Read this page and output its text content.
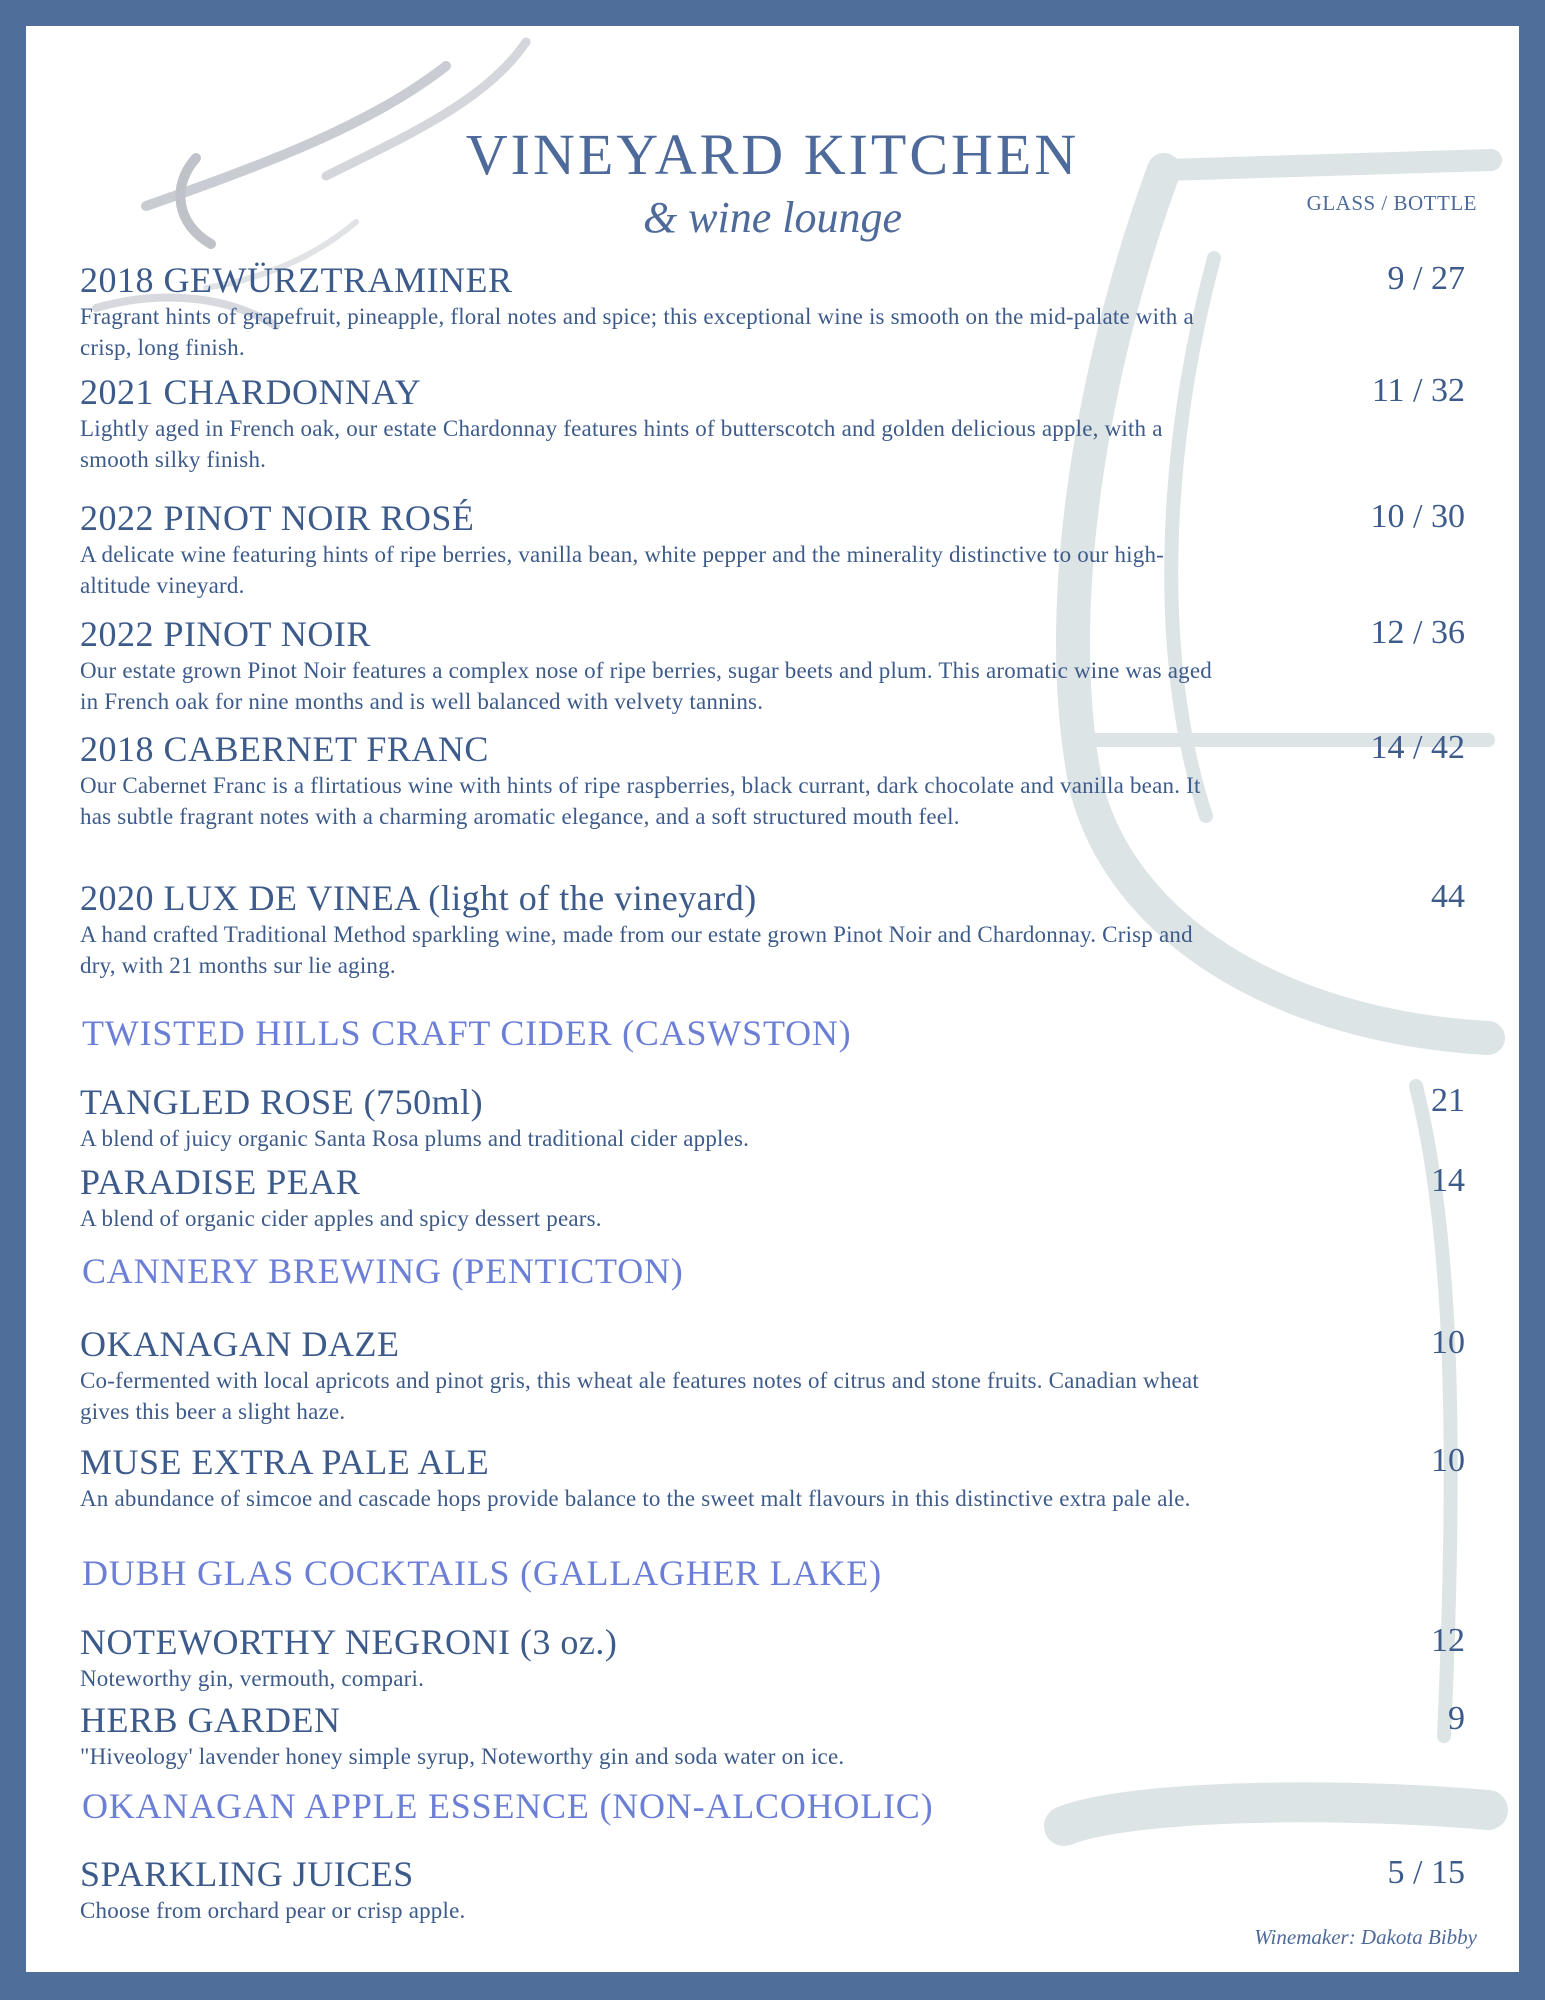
VINEYARD KITCHEN
& wine lounge	GLASS / BOTTLE
2018 GEWÜRZTRAMINER
Fragrant hints of grapefruit, pineapple, floral notes and spice; this exceptional wine is smooth on the mid-palate with a crisp, long finish.
9 / 27
2021 CHARDONNAY
Lightly aged in French oak, our estate Chardonnay features hints of butterscotch and golden delicious apple, with a smooth silky finish.
11 / 32
2022 PINOT NOIR ROSÉ
A delicate wine featuring hints of ripe berries, vanilla bean, white pepper and the minerality distinctive to our high-altitude vineyard.
10 / 30
2022 PINOT NOIR
Our estate grown Pinot Noir features a complex nose of ripe berries, sugar beets and plum. This aromatic wine was aged in French oak for nine months and is well balanced with velvety tannins.
12 / 36
2018 CABERNET FRANC
Our Cabernet Franc is a flirtatious wine with hints of ripe raspberries, black currant, dark chocolate and vanilla bean. It has subtle fragrant notes with a charming aromatic elegance, and a soft structured mouth feel.
14 / 42
2020 LUX DE VINEA (light of the vineyard)
A hand crafted Traditional Method sparkling wine, made from our estate grown Pinot Noir and Chardonnay. Crisp and dry, with 21 months sur lie aging.
44
TWISTED HILLS CRAFT CIDER (CASWSTON)
TANGLED ROSE (750ml)
A blend of juicy organic Santa Rosa plums and traditional cider apples.
21
PARADISE PEAR
A blend of organic cider apples and spicy dessert pears.
14
CANNERY BREWING (PENTICTON)
OKANAGAN DAZE
Co-fermented with local apricots and pinot gris, this wheat ale features notes of citrus and stone fruits. Canadian wheat gives this beer a slight haze.
10
MUSE EXTRA PALE ALE
An abundance of simcoe and cascade hops provide balance to the sweet malt flavours in this distinctive extra pale ale.
10
DUBH GLAS COCKTAILS (GALLAGHER LAKE)
NOTEWORTHY NEGRONI (3 oz.)
Noteworthy gin, vermouth, compari.
12
HERB GARDEN
"Hiveology' lavender honey simple syrup, Noteworthy gin and soda water on ice.
9
OKANAGAN APPLE ESSENCE (NON-ALCOHOLIC)
SPARKLING JUICES
Choose from orchard pear or crisp apple.
5 / 15
Winemaker: Dakota Bibby
